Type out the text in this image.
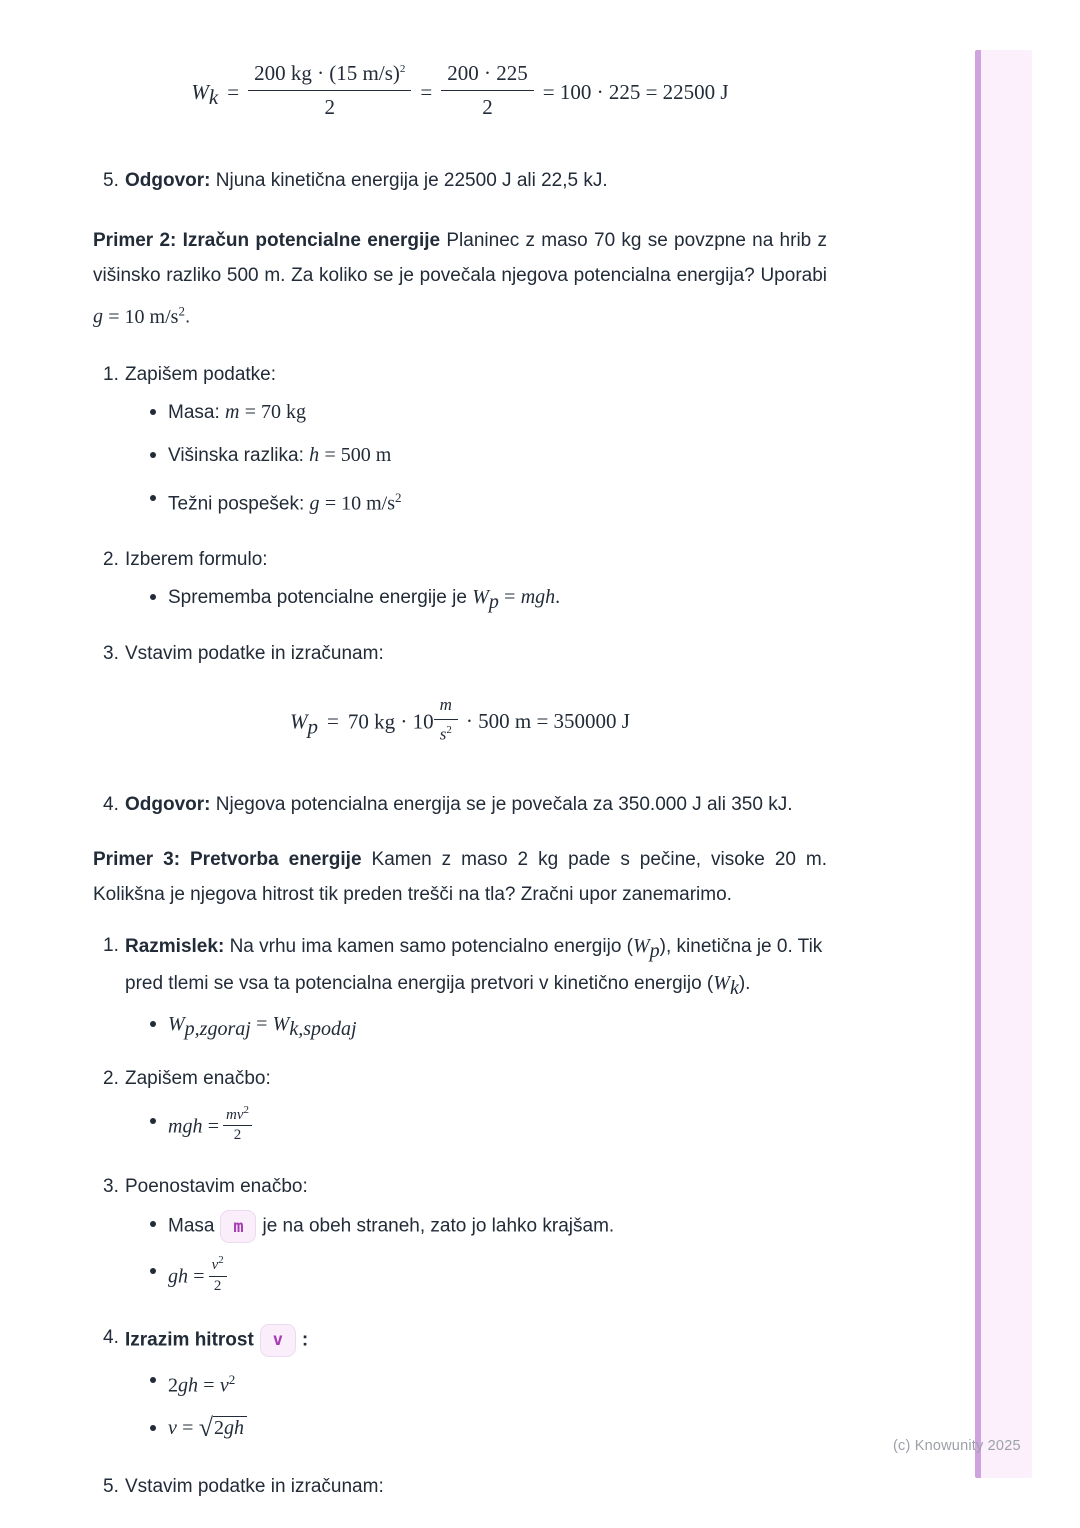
(c) Knowunity 2025
$W_k = \frac{200 kg \cdot (15 m/s)^2}{2} = \frac{200 \cdot 225}{2} = 100 \cdot 225 = 22500$ J
5. Odgovor: Njuna kinetična energija je 22500 J ali 22,5 kJ.
Primer 2: Izračun potencialne energije Planinec z maso 70 kg se povzpne na hrib z višinsko razliko 500 m. Za koliko se je povečala njegova potencialna energija? Uporabi g = 10 $m/s^2$.
1. Zapišem podatke:
Masa: m = 70 kg
Višinska razlika: h = 500 m
Težni pospešek: g = 10 $m/s^2$
2. Izberem formulo:
Sprememba potencialne energije je $W_p$ = mgh.
3. Vstavim podatke in izračunam:
$W_p = 70$ kg · $10 \frac{m}{s^2} \cdot 500$ m = 350000 J
4. Odgovor: Njegova potencialna energija se je povečala za 350.000 J ali 350 kJ.
Primer 3: Pretvorba energije Kamen z maso 2 kg pade s pečine, visoke 20 m. Kolikšna je njegova hitrost tik preden trešči na tla? Zračni upor zanemarimo.
1. Razmislek: Na vrhu ima kamen samo potencialno energijo $(W_p)$, kinetična je 0. Tik pred tlemi se vsa ta potencialna energija pretvori v kinetično energijo $(W_k)$.
$W_{p,zgoraj} = W_{k,spodaj}$
2. Zapišem enačbo:
mgh = $\frac{mv^2}{2}$
3. Poenostavim enačbo:
Masa m je na obeh straneh, zato jo lahko krajšam.
gh = $\frac{v^2}{2}$
4. Izrazim hitrost v :
$2gh = v^2$
v = √2gh
5. Vstavim podatke in izračunam:
